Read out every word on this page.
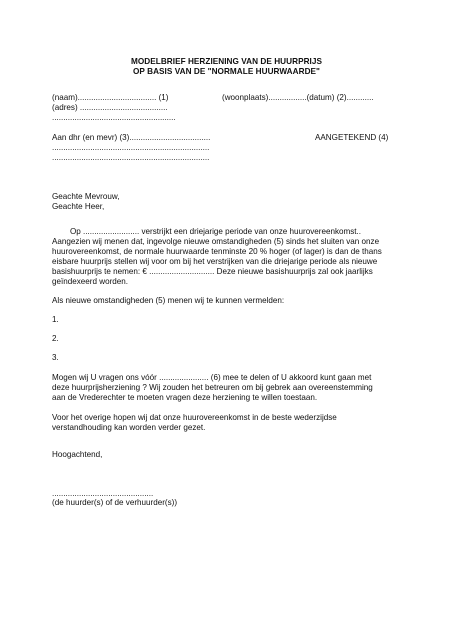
MODELBRIEF HERZIENING VAN DE HUURPRIJS
OP BASIS VAN DE "NORMALE HUURWAARDE"
(naam)................................... (1)	(woonplaats).................(datum) (2)............
(adres) .......................................
.......................................................
Aan dhr (en mevr) (3)....................................	AANGETEKEND (4)
......................................................................
......................................................................
Geachte Mevrouw,
Geachte Heer,
Op ......................... verstrijkt een driejarige periode van onze huurovereenkomst..
Aangezien wij menen dat, ingevolge nieuwe omstandigheden (5) sinds het sluiten van onze
huurovereenkomst, de normale huurwaarde tenminste 20 % hoger (of lager) is dan de thans
eisbare huurprijs stellen wij voor om bij het verstrijken van die driejarige periode als nieuwe
basishuurprijs te nemen: € ............................. Deze nieuwe basishuurprijs zal ook jaarlijks
geïndexeerd worden.
Als nieuwe omstandigheden (5) menen wij te kunnen vermelden:
1.
2.
3.
Mogen wij U vragen ons vóór ...................... (6) mee te delen of U akkoord kunt gaan met
deze huurprijsherziening ? Wij zouden het betreuren om bij gebrek aan overeenstemming
aan de Vrederechter te moeten vragen deze herziening te willen toestaan.
Voor het overige hopen wij dat onze huurovereenkomst in de beste wederzijdse
verstandhouding kan worden verder gezet.
Hoogachtend,
.............................................
(de huurder(s) of de verhuurder(s))
